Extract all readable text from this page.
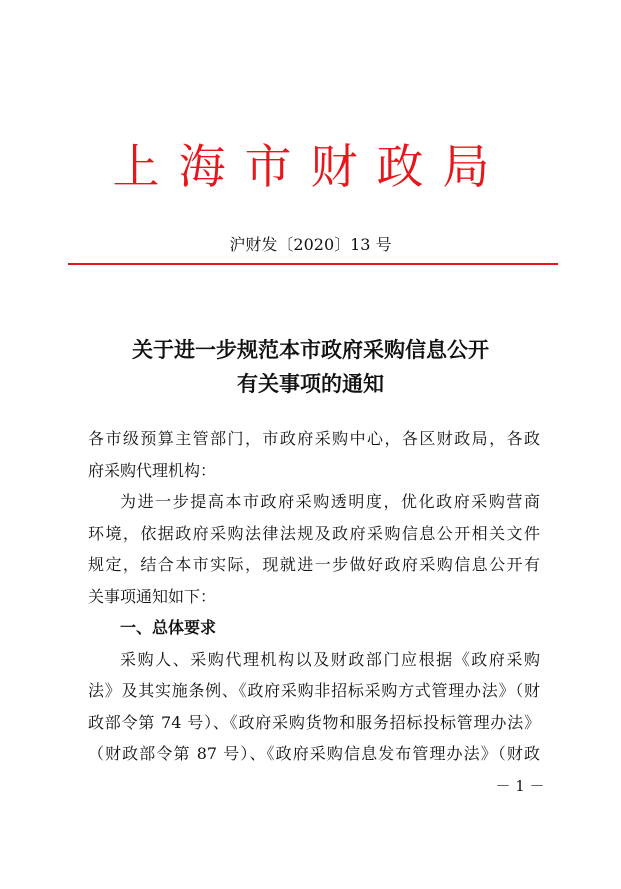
上海市财政局
沪财发〔2020〕13 号
关于进一步规范本市政府采购信息公开
有关事项的通知
各市级预算主管部门，市政府采购中心，各区财政局，各政
府采购代理机构：
为进一步提高本市政府采购透明度，优化政府采购营商
环境，依据政府采购法律法规及政府采购信息公开相关文件
规定，结合本市实际，现就进一步做好政府采购信息公开有
关事项通知如下：
一、总体要求
采购人、采购代理机构以及财政部门应根据《政府采购
法》及其实施条例、《政府采购非招标采购方式管理办法》（财
政部令第 74 号）、《政府采购货物和服务招标投标管理办法》
（财政部令第 87 号）、《政府采购信息发布管理办法》（财政
－ 1 －
